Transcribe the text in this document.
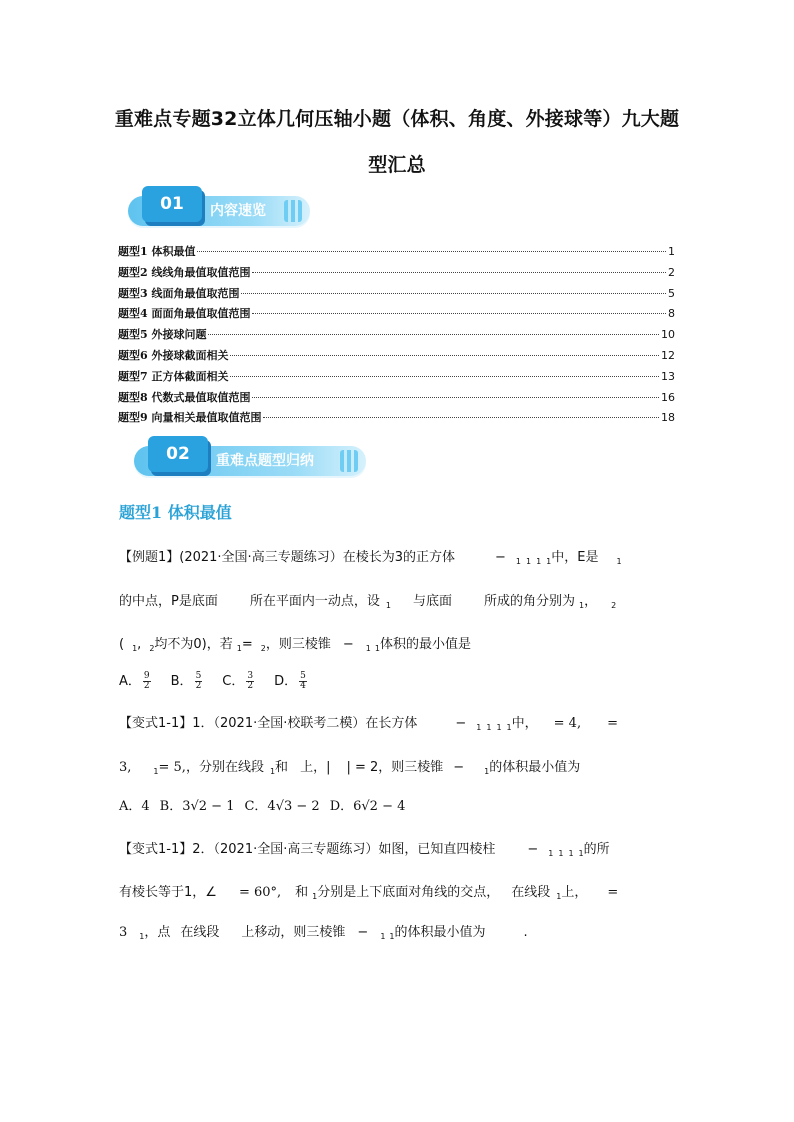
重难点专题32立体几何压轴小题（体积、角度、外接球等）九大题
型汇总
01	内容速览
题型1 体积最值	1
题型2 线线角最值取值范围	2
题型3 线面角最值取范围	5
题型4 面面角最值取值范围	8
题型5 外接球问题	10
题型6 外接球截面相关	12
题型7 正方体截面相关	13
题型8 代数式最值取值范围	16
题型9 向量相关最值取值范围	18
02	重难点题型归纳
题型1 体积最值
【例题1】(2021·全国·高三专题练习）在棱长为3的正方体	− $_1$ $_1$ $_1$ $_1$中，E是 $_1$
的中点，P是底面 所在平面内一动点，设 $_1$ 与底面 所成的角分别为 $_1$， $_2$
( $_1$, $_2$均不为0)，若 $_1$= $_2$，则三棱锥 − $_1$ $_1$体积的最小值是
A． $\frac{9}{2}$ B． $\frac{5}{2}$ C． $\frac{3}{2}$ D． $\frac{5}{4}$
【变式1-1】1．（2021·全国·校联考二模）在长方体	− $_1$ $_1$ $_1$ $_1$中， = 4, =
3,	$_1$= 5,，分别在线段 $_1$和 上，| | = 2，则三棱锥 −	$_1$的体积最小值为
A．4 B．3√2 − 1 C．4√3 − 2 D．6√2 − 4
【变式1-1】2．（2021·全国·高三专题练习）如图，已知直四棱柱 − $_1$ $_1$ $_1$ $_1$的所
有棱长等于1，∠ = 60°, 和 $_1$分别是上下底面对角线的交点， 在线段 $_1$上， =
3 $_1$，点 在线段 上移动，则三棱锥 − $_1$ $_1$的体积最小值为	.
